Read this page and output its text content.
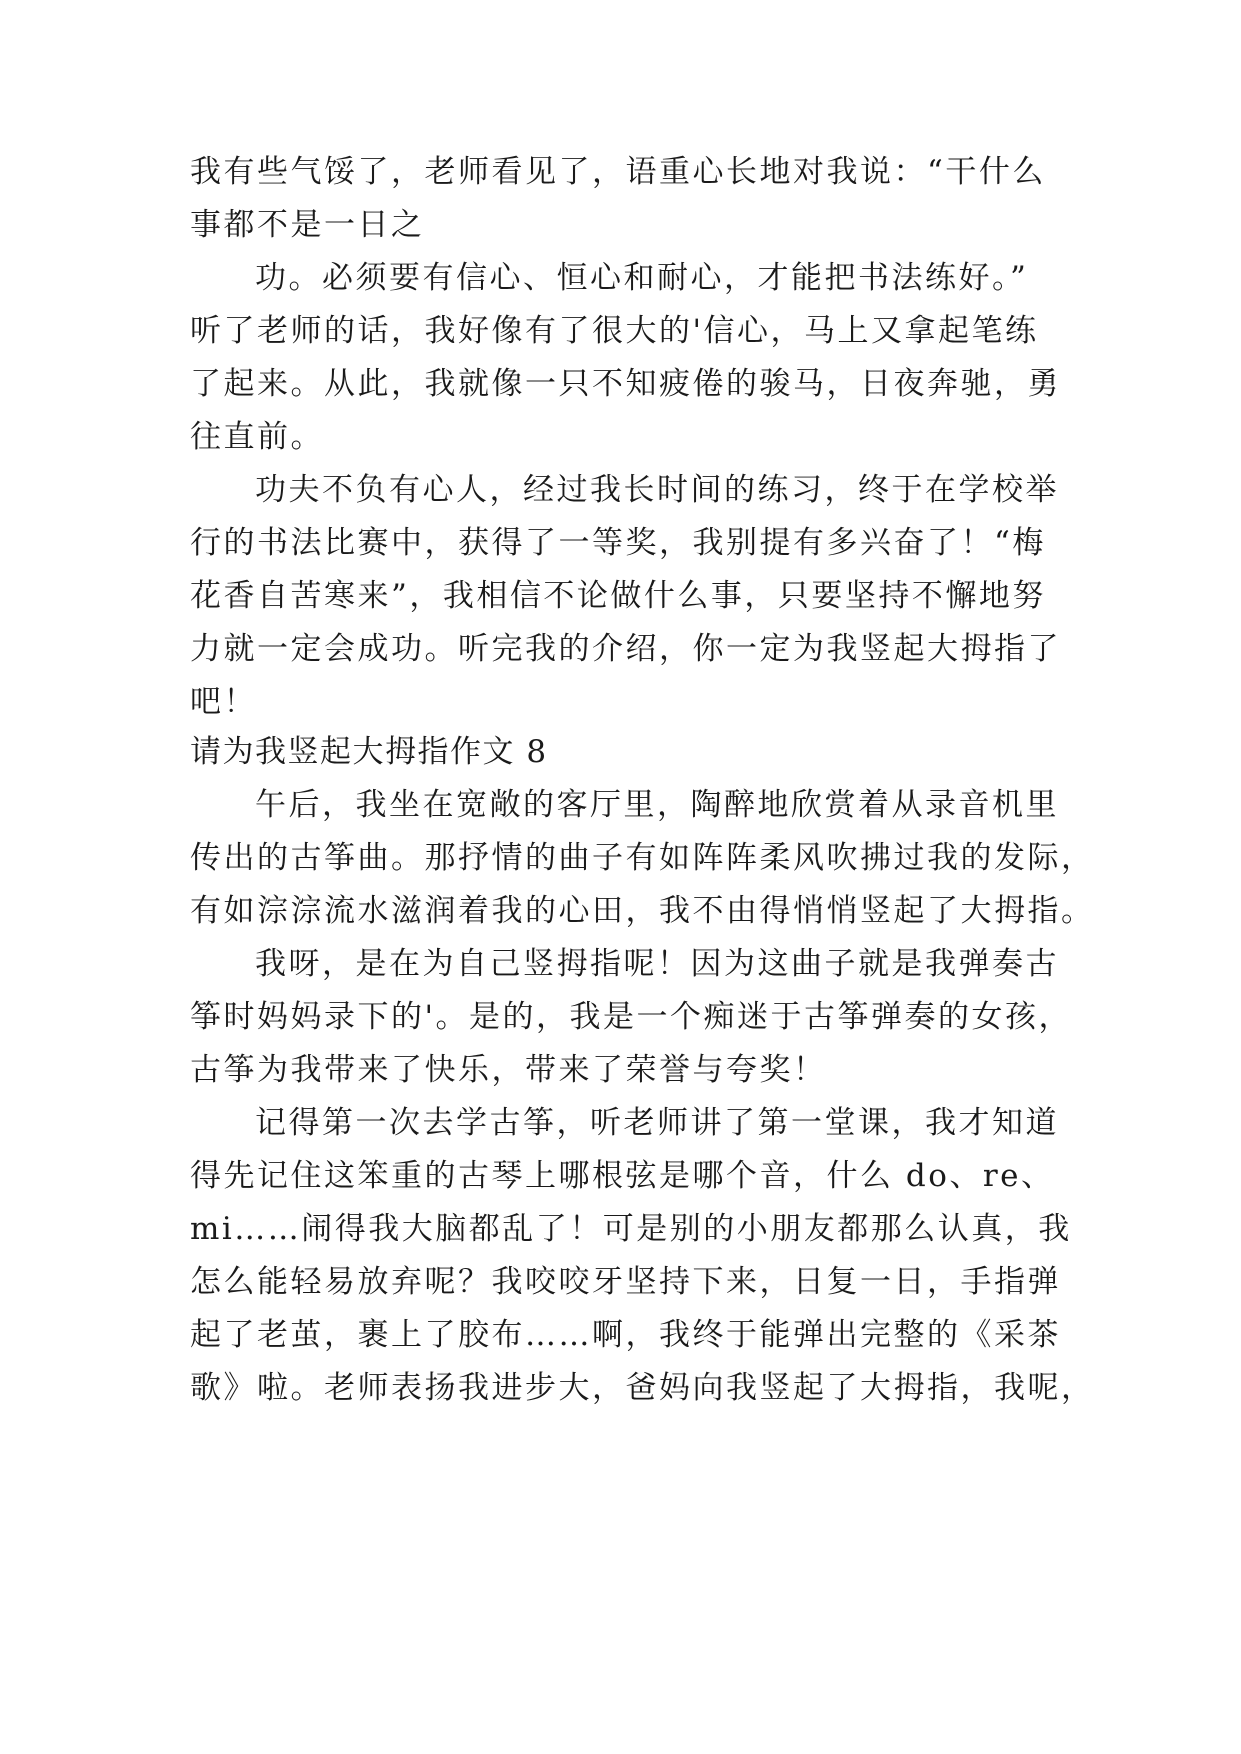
我有些气馁了，老师看见了，语重心长地对我说：“干什么
事都不是一日之
功。必须要有信心、恒心和耐心，才能把书法练好。”
听了老师的话，我好像有了很大的'信心，马上又拿起笔练
了起来。从此，我就像一只不知疲倦的骏马，日夜奔驰，勇
往直前。
功夫不负有心人，经过我长时间的练习，终于在学校举
行的书法比赛中，获得了一等奖，我别提有多兴奋了！“梅
花香自苦寒来”，我相信不论做什么事，只要坚持不懈地努
力就一定会成功。听完我的介绍，你一定为我竖起大拇指了
吧！
请为我竖起大拇指作文 8
午后，我坐在宽敞的客厅里，陶醉地欣赏着从录音机里
传出的古筝曲。那抒情的曲子有如阵阵柔风吹拂过我的发际，
有如淙淙流水滋润着我的心田，我不由得悄悄竖起了大拇指。
我呀，是在为自己竖拇指呢！因为这曲子就是我弹奏古
筝时妈妈录下的'。是的，我是一个痴迷于古筝弹奏的女孩，
古筝为我带来了快乐，带来了荣誉与夸奖！
记得第一次去学古筝，听老师讲了第一堂课，我才知道
得先记住这笨重的古琴上哪根弦是哪个音，什么 do、re、
mi……闹得我大脑都乱了！可是别的小朋友都那么认真，我
怎么能轻易放弃呢？我咬咬牙坚持下来，日复一日，手指弹
起了老茧，裹上了胶布……啊，我终于能弹出完整的《采茶
歌》啦。老师表扬我进步大，爸妈向我竖起了大拇指，我呢，
